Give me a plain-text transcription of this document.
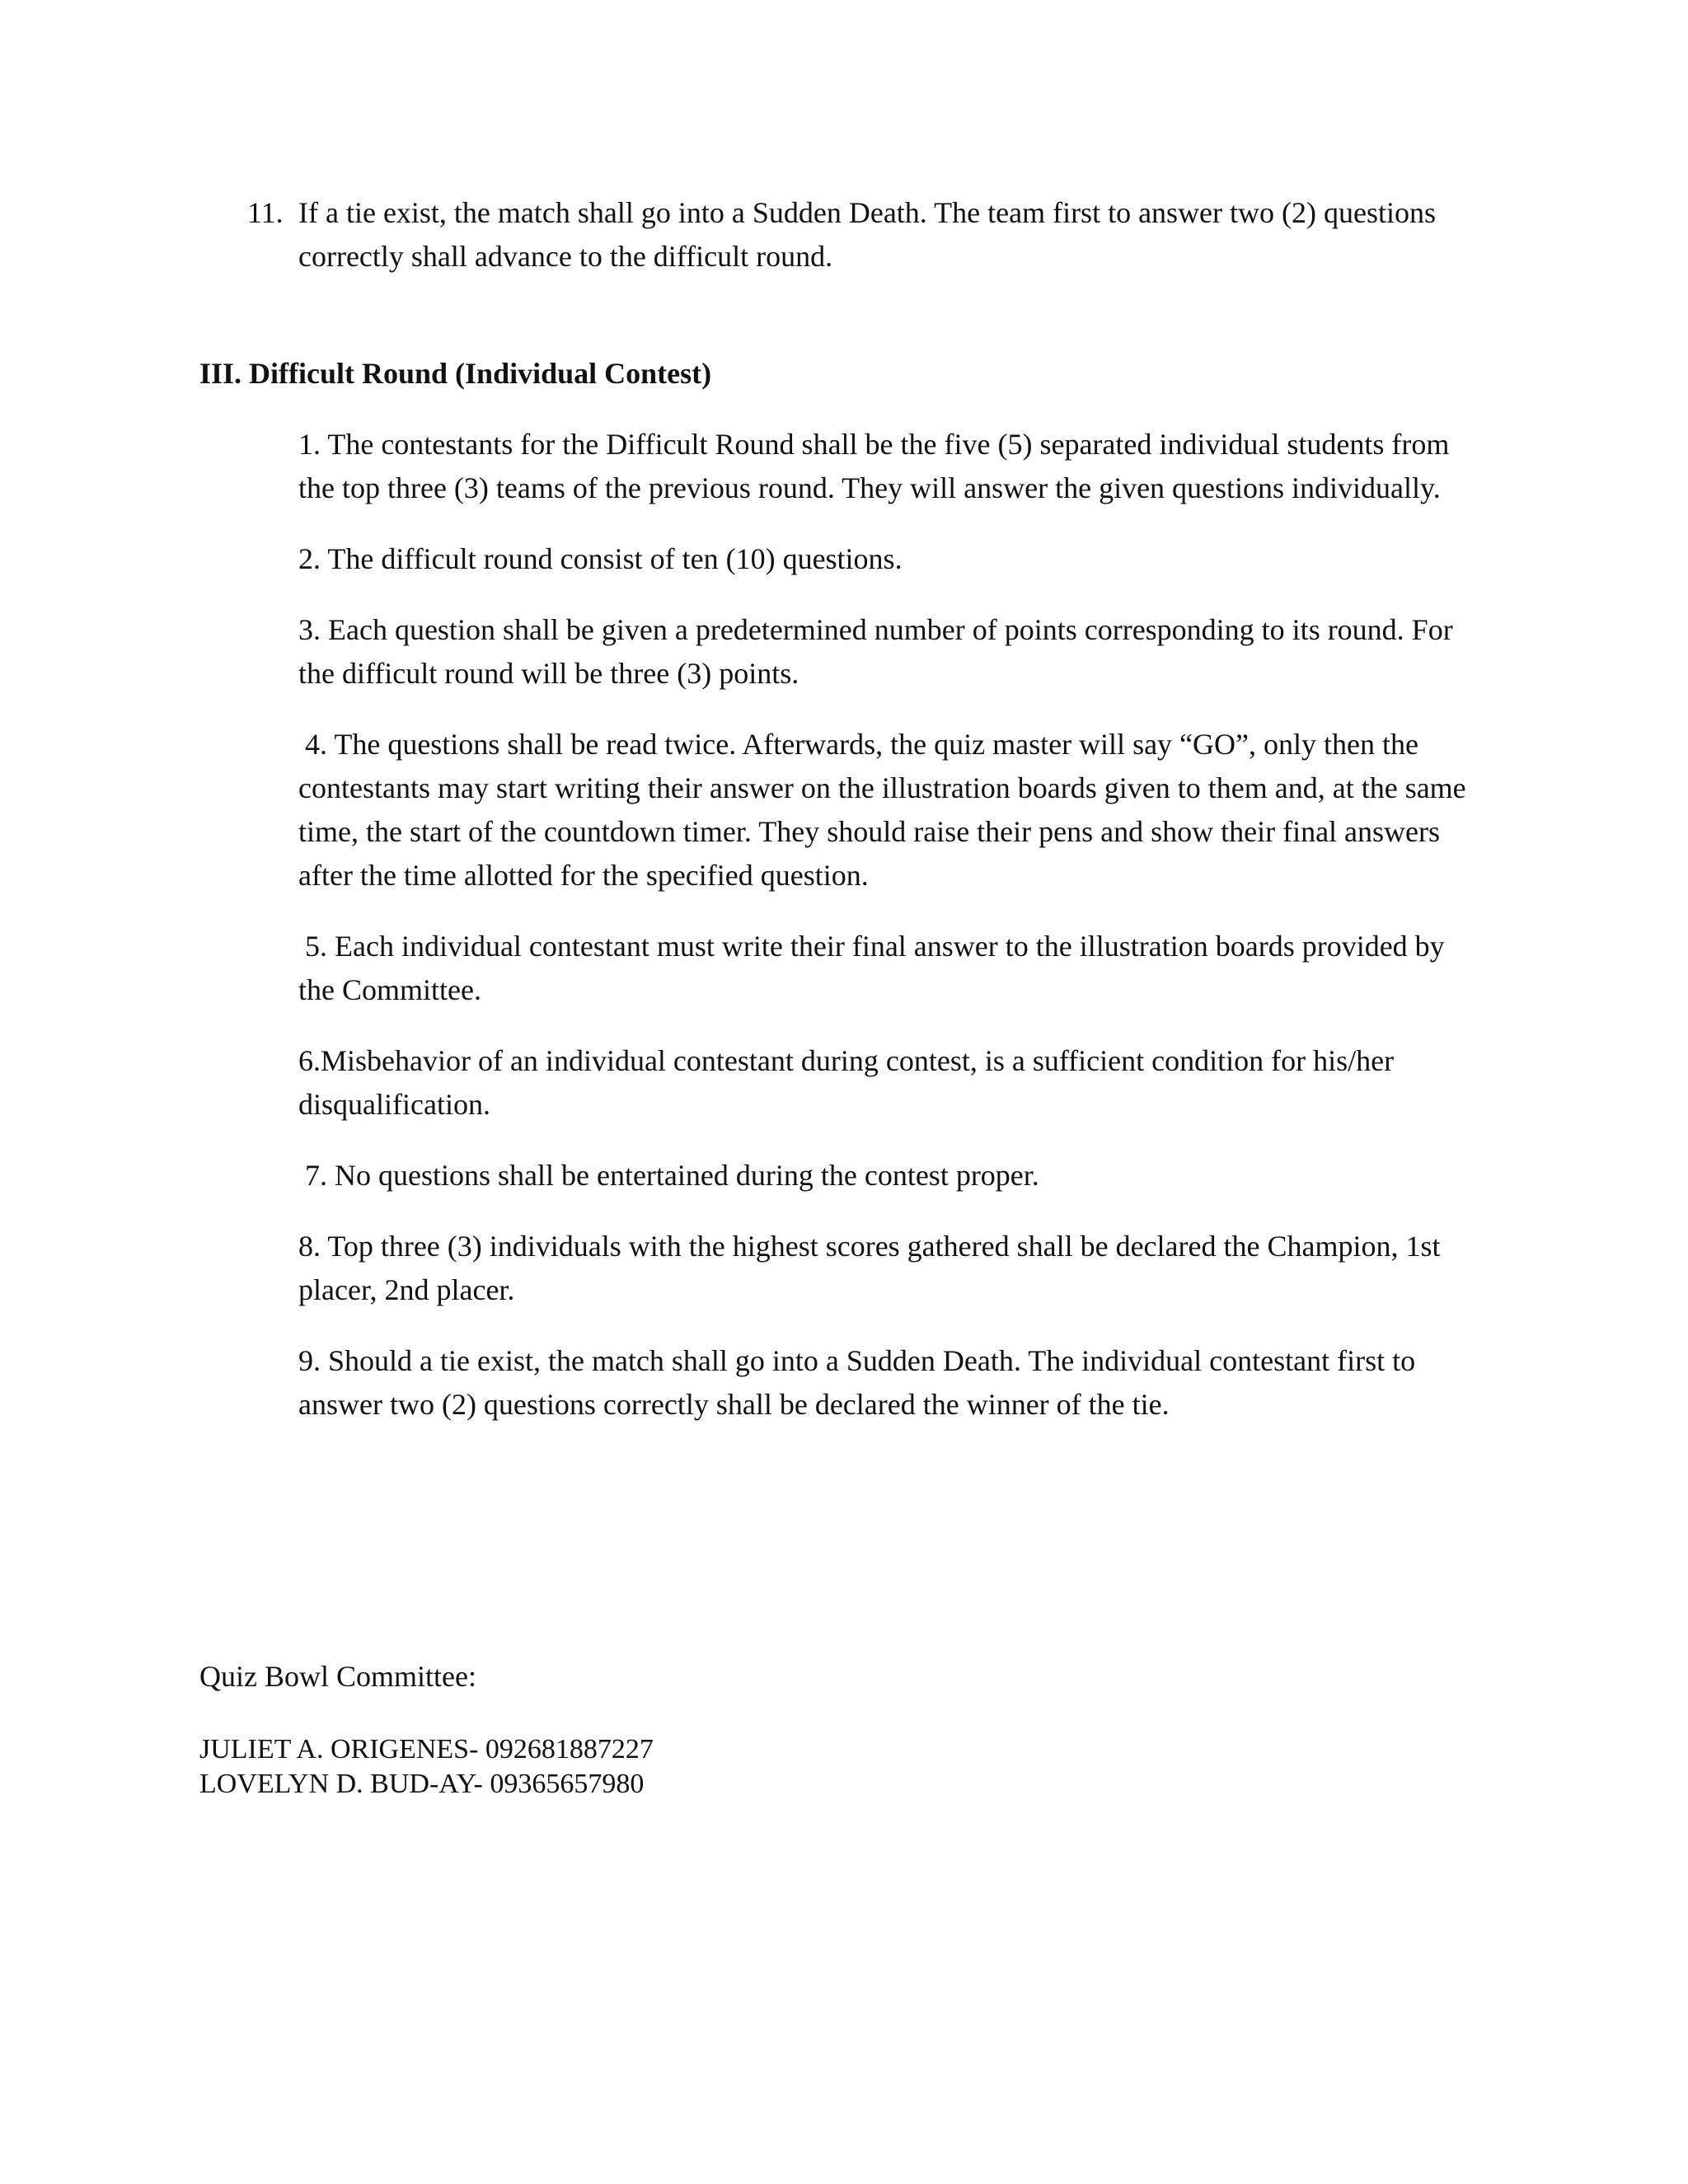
11. If a tie exist, the match shall go into a Sudden Death. The team first to answer two (2) questions correctly shall advance to the difficult round.
III. Difficult Round (Individual Contest)
1. The contestants for the Difficult Round shall be the five (5) separated individual students from the top three (3) teams of the previous round. They will answer the given questions individually.
2. The difficult round consist of ten (10) questions.
3. Each question shall be given a predetermined number of points corresponding to its round. For the difficult round will be three (3) points.
4. The questions shall be read twice. Afterwards, the quiz master will say “GO”, only then the contestants may start writing their answer on the illustration boards given to them and, at the same time, the start of the countdown timer. They should raise their pens and show their final answers after the time allotted for the specified question.
5. Each individual contestant must write their final answer to the illustration boards provided by the Committee.
6.Misbehavior of an individual contestant during contest, is a sufficient condition for his/her disqualification.
7. No questions shall be entertained during the contest proper.
8. Top three (3) individuals with the highest scores gathered shall be declared the Champion, 1st placer, 2nd placer.
9. Should a tie exist, the match shall go into a Sudden Death. The individual contestant first to answer two (2) questions correctly shall be declared the winner of the tie.

Quiz Bowl Committee:

JULIET A. ORIGENES- 092681887227

LOVELYN D. BUD-AY- 09365657980
